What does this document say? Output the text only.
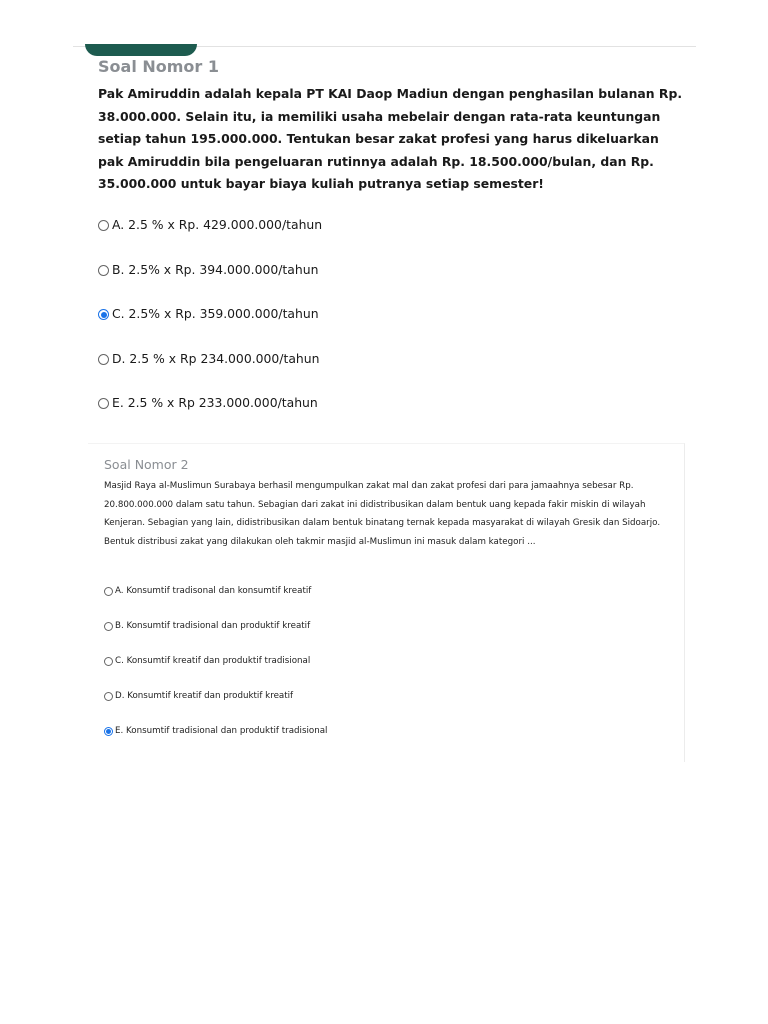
Soal Nomor 1
Pak Amiruddin adalah kepala PT KAI Daop Madiun dengan penghasilan bulanan Rp. 38.000.000. Selain itu, ia memiliki usaha mebelair dengan rata-rata keuntungan setiap tahun 195.000.000. Tentukan besar zakat profesi yang harus dikeluarkan pak Amiruddin bila pengeluaran rutinnya adalah Rp. 18.500.000/bulan, dan Rp. 35.000.000 untuk bayar biaya kuliah putranya setiap semester!
A. 2.5 % x Rp. 429.000.000/tahun
B. 2.5% x Rp. 394.000.000/tahun
C. 2.5% x Rp. 359.000.000/tahun
D. 2.5 % x Rp 234.000.000/tahun
E. 2.5 % x Rp 233.000.000/tahun
Soal Nomor 2
Masjid Raya al-Muslimun Surabaya berhasil mengumpulkan zakat mal dan zakat profesi dari para jamaahnya sebesar Rp. 20.800.000.000 dalam satu tahun. Sebagian dari zakat ini didistribusikan dalam bentuk uang kepada fakir miskin di wilayah Kenjeran. Sebagian yang lain, didistribusikan dalam bentuk binatang ternak kepada masyarakat di wilayah Gresik dan Sidoarjo. Bentuk distribusi zakat yang dilakukan oleh takmir masjid al-Muslimun ini masuk dalam kategori ...
A. Konsumtif tradisonal dan konsumtif kreatif
B. Konsumtif tradisional dan produktif kreatif
C. Konsumtif kreatif dan produktif tradisional
D. Konsumtif kreatif dan produktif kreatif
E. Konsumtif tradisional dan produktif tradisional
